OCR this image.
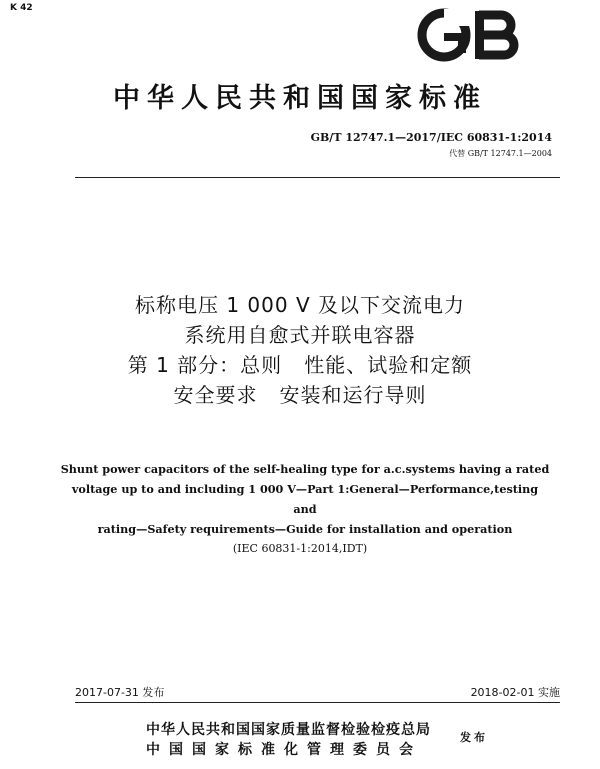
K 42
中华人民共和国国家标准
GB/T 12747.1—2017/IEC 60831-1:2014
代替 GB/T 12747.1—2004
标称电压 1 000 V 及以下交流电力
系统用自愈式并联电容器
第 1 部分：总则   性能、试验和定额
安全要求   安装和运行导则
Shunt power capacitors of the self-healing type for a.c.systems having a rated
voltage up to and including 1 000 V—Part 1:General—Performance,testing and
rating—Safety requirements—Guide for installation and operation
(IEC 60831-1:2014,IDT)
2017-07-31 发布	2018-02-01 实施
中华人民共和国国家质量监督检验检疫总局
中国国家标准化管理委员会
发布
